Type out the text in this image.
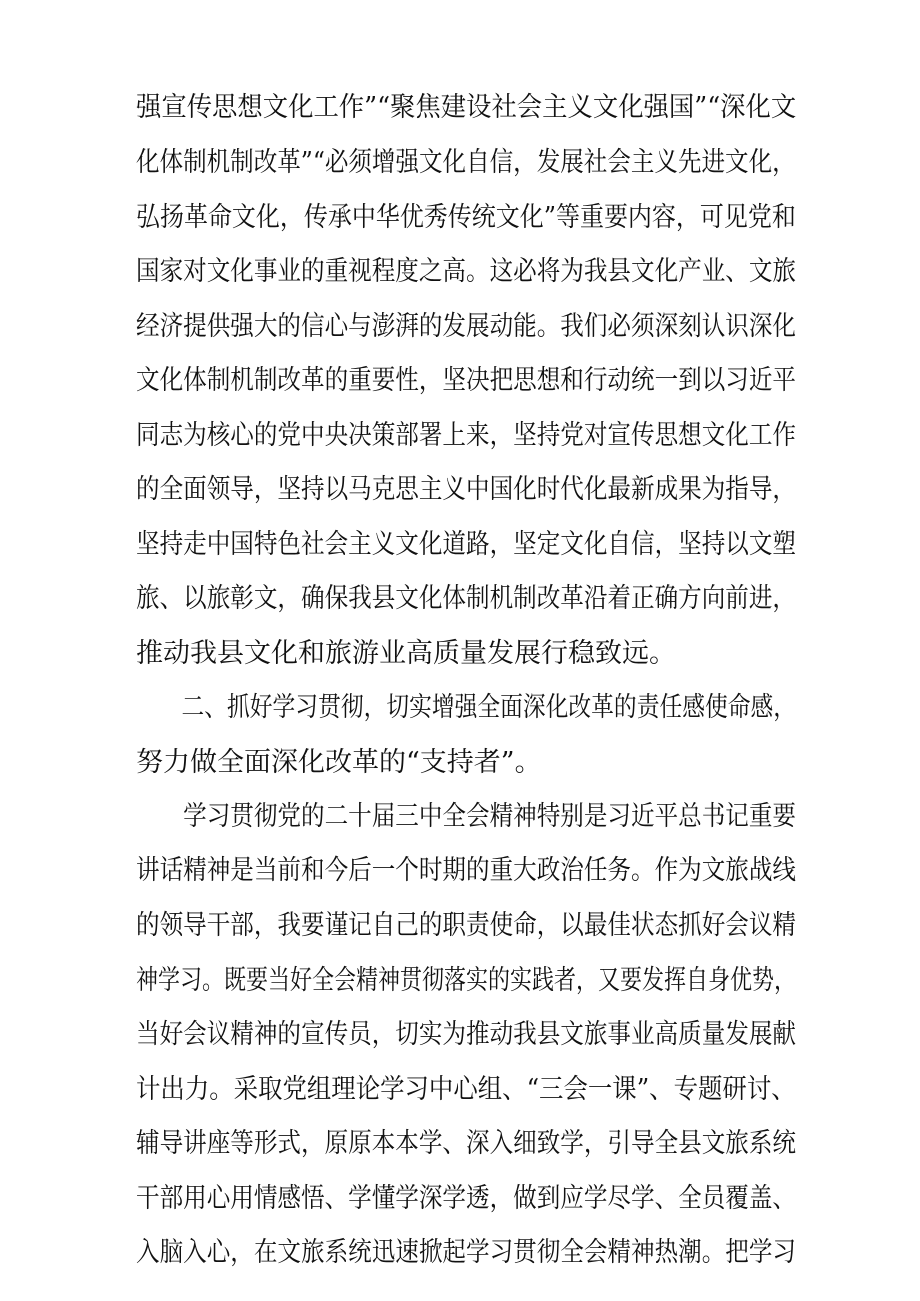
强宣传思想文化工作”“聚焦建设社会主义文化强国”“深化文
化体制机制改革”“必须增强文化自信，发展社会主义先进文化，
弘扬革命文化，传承中华优秀传统文化”等重要内容，可见党和
国家对文化事业的重视程度之高。这必将为我县文化产业、文旅
经济提供强大的信心与澎湃的发展动能。我们必须深刻认识深化
文化体制机制改革的重要性，坚决把思想和行动统一到以习近平
同志为核心的党中央决策部署上来，坚持党对宣传思想文化工作
的全面领导，坚持以马克思主义中国化时代化最新成果为指导，
坚持走中国特色社会主义文化道路，坚定文化自信，坚持以文塑
旅、以旅彰文，确保我县文化体制机制改革沿着正确方向前进，
推动我县文化和旅游业高质量发展行稳致远。
　　二、抓好学习贯彻，切实增强全面深化改革的责任感使命感，
努力做全面深化改革的“支持者”。
　　学习贯彻党的二十届三中全会精神特别是习近平总书记重要
讲话精神是当前和今后一个时期的重大政治任务。作为文旅战线
的领导干部，我要谨记自己的职责使命，以最佳状态抓好会议精
神学习。既要当好全会精神贯彻落实的实践者，又要发挥自身优势，
当好会议精神的宣传员，切实为推动我县文旅事业高质量发展献
计出力。采取党组理论学习中心组、“三会一课”、专题研讨、
辅导讲座等形式，原原本本学、深入细致学，引导全县文旅系统
干部用心用情感悟、学懂学深学透，做到应学尽学、全员覆盖、
入脑入心，在文旅系统迅速掀起学习贯彻全会精神热潮。把学习
